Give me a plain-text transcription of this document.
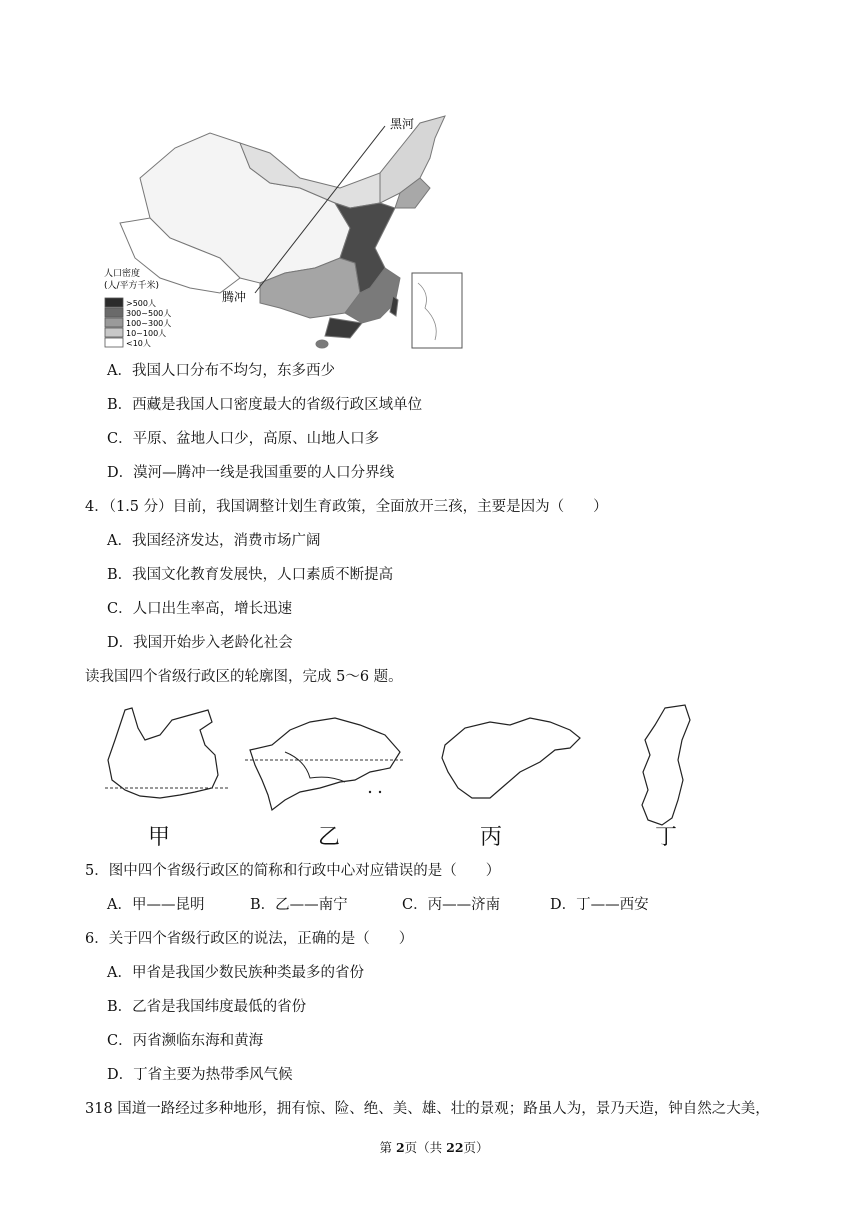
黑河
腾冲
人口密度
(人/平方千米)
>500人
300~500人
100~300人
10~100人
<10人
A．我国人口分布不均匀，东多西少
B．西藏是我国人口密度最大的省级行政区域单位
C．平原、盆地人口少，高原、山地人口多
D．漠河—腾冲一线是我国重要的人口分界线
4．（1.5 分）目前，我国调整计划生育政策，全面放开三孩，主要是因为（　　）
A．我国经济发达，消费市场广阔
B．我国文化教育发展快，人口素质不断提高
C．人口出生率高，增长迅速
D．我国开始步入老龄化社会
读我国四个省级行政区的轮廓图，完成 5～6 题。
甲	乙	丙	丁
5．图中四个省级行政区的简称和行政中心对应错误的是（　　）
A．甲——昆明	B．乙——南宁	C．丙——济南	D．丁——西安
6．关于四个省级行政区的说法，正确的是（　　）
A．甲省是我国少数民族种类最多的省份
B．乙省是我国纬度最低的省份
C．丙省濒临东海和黄海
D．丁省主要为热带季风气候
318 国道一路经过多种地形，拥有惊、险、绝、美、雄、壮的景观；路虽人为，景乃天造，钟自然之大美，
第 2页（共 22页）
